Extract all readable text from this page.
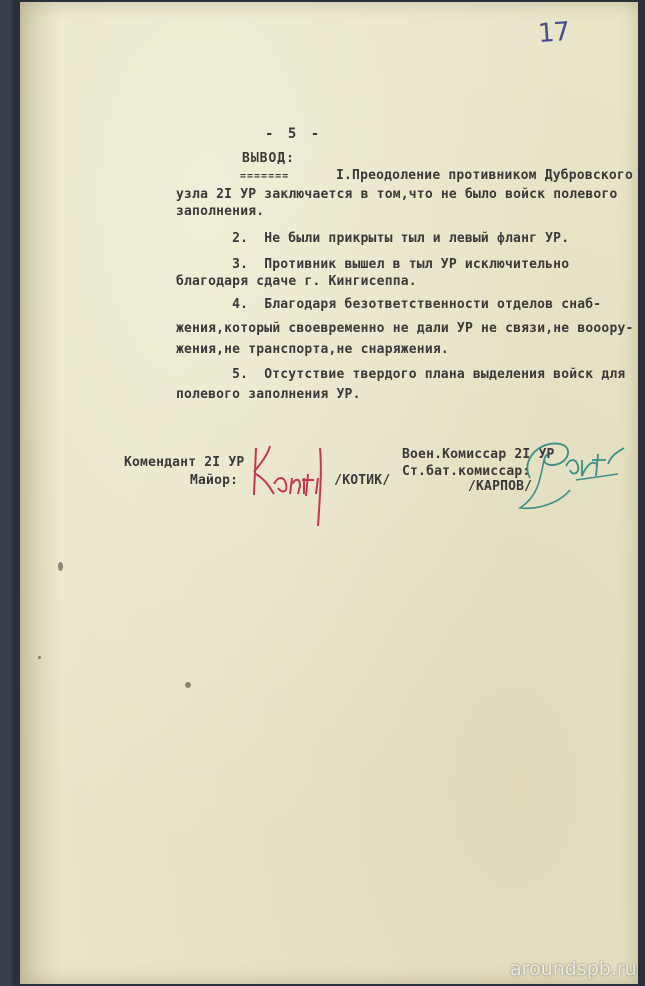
17
- 5 -
ВЫВОД:
=======	I.Преодоление противником Дубровского
узла 2I УР заключается в том,что не было войск полевого
заполнения.
2.  Не были прикрыты тыл и левый фланг УР.
3.  Противник вышел в тыл УР исключительно
благодаря сдаче г. Кингисеппа.
4.  Благодаря безответственности отделов снаб-
жения,который своевременно не дали УР не связи,не вооору-
жения,не транспорта,не снаряжения.
5.  Отсутствие твердого плана выделения войск для
полевого заполнения УР.
Комендант 2I УР
Майор:	/КОТИК/
Воен.Комиссар 2I УР
Ст.бат.комиссар:
/КАРПОВ/
aroundspb.ru
